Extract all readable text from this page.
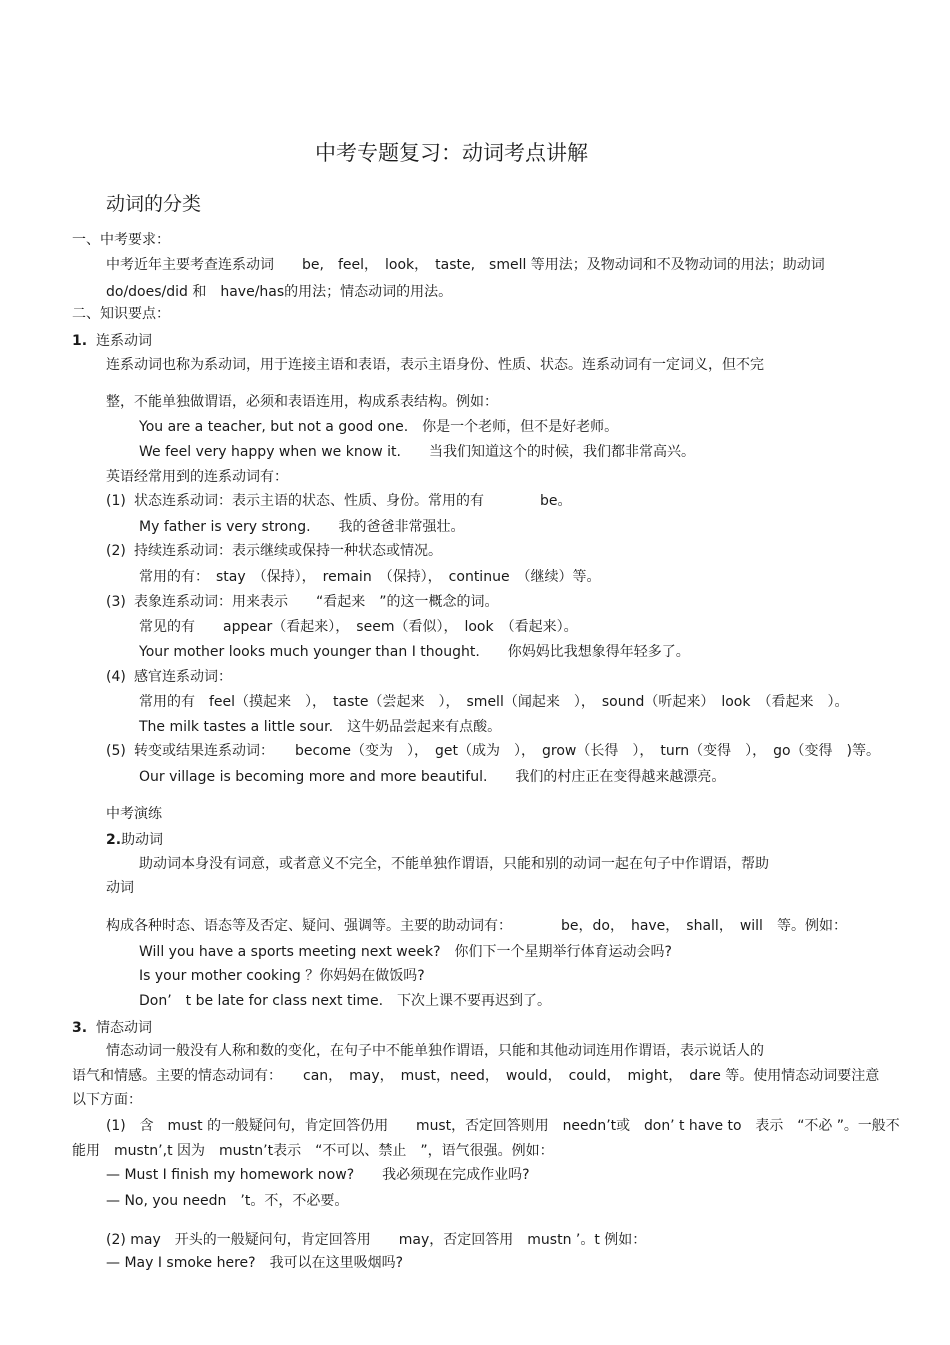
中考专题复习：动词考点讲解
动词的分类
一、中考要求：
中考近年主要考查连系动词　　be,　feel，　look，　taste,　smell 等用法；及物动词和不及物动词的用法；助动词
do/does/did 和　have/has的用法；情态动词的用法。
二、知识要点：
1. 连系动词
连系动词也称为系动词，用于连接主语和表语，表示主语身份、性质、状态。连系动词有一定词义，但不完
整，不能单独做谓语，必须和表语连用，构成系表结构。例如：
You are a teacher, but not a good one.　你是一个老师，但不是好老师。
We feel very happy when we know it.　　当我们知道这个的时候，我们都非常高兴。
英语经常用到的连系动词有：
(1) 状态连系动词：表示主语的状态、性质、身份。常用的有　　　　be。
My father is very strong.　　我的爸爸非常强壮。
(2) 持续连系动词：表示继续或保持一种状态或情况。
常用的有：　stay　（保持），　remain　（保持），　continue　（继续）等。
(3) 表象连系动词：用来表示　　“看起来　”的这一概念的词。
常见的有　　appear（看起来），　seem（看似），　look　（看起来）。
Your mother looks much younger than I thought.　　你妈妈比我想象得年轻多了。
(4) 感官连系动词：
常用的有　feel（摸起来　），　taste（尝起来　），　smell（闻起来　），　sound（听起来）　look　（看起来　）。
The milk tastes a little sour.　这牛奶品尝起来有点酸。
(5) 转变或结果连系动词：　　become（变为　），　get（成为　），　grow（长得　），　turn（变得　），　go（变得　)等。
Our village is becoming more and more beautiful.　　我们的村庄正在变得越来越漂亮。
中考演练
2.助动词
助动词本身没有词意，或者意义不完全，不能单独作谓语，只能和别的动词一起在句子中作谓语，帮助
动词
构成各种时态、语态等及否定、疑问、强调等。主要的助动词有：　　　　be，do，　have，　shall，　will　等。例如：
Will you have a sports meeting next week?　你们下一个星期举行体育运动会吗?
Is your mother cooking ？你妈妈在做饭吗?
Don’　t be late for class next time.　下次上课不要再迟到了。
3. 情态动词
情态动词一般没有人称和数的变化，在句子中不能单独作谓语，只能和其他动词连用作谓语，表示说话人的
语气和情感。主要的情态动词有：　　can，　may，　must，need，　would，　could，　might，　dare 等。使用情态动词要注意
以下方面：
(1)　含　must 的一般疑问句，肯定回答仍用　　must，否定回答则用　needn’t或　don’ t have to　表示　“不必 ”。一般不
能用　mustn’,t 因为　mustn’t表示　“不可以、禁止　”，语气很强。例如：
— Must I finish my homework now?　　我必须现在完成作业吗?
— No, you needn　’t。不，不必要。
(2) may　开头的一般疑问句，肯定回答用　　may，否定回答用　mustn ’。t 例如：
— May I smoke here?　我可以在这里吸烟吗?
